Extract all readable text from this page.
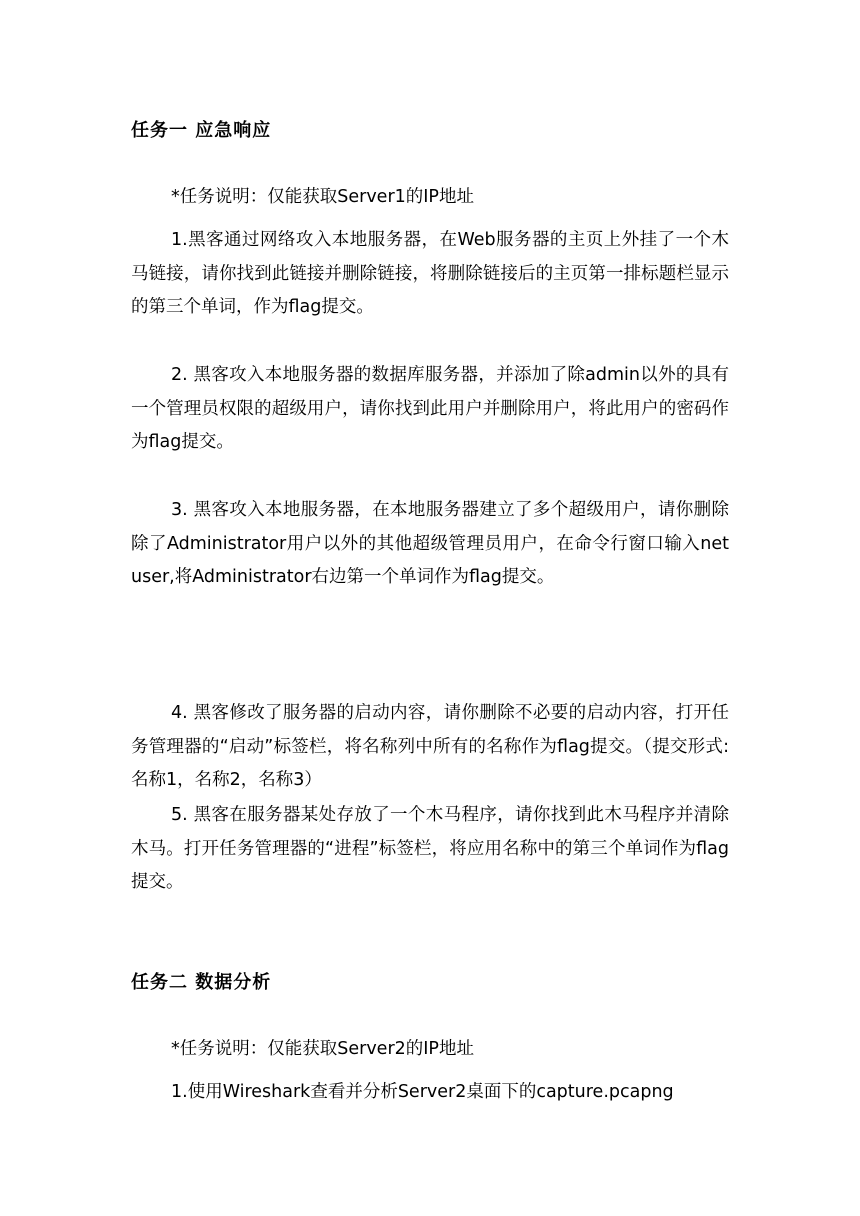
任务一 应急响应
*任务说明：仅能获取Server1的IP地址
1.黑客通过网络攻入本地服务器，在Web服务器的主页上外挂了一个木马链接，请你找到此链接并删除链接，将删除链接后的主页第一排标题栏显示的第三个单词，作为flag提交。
2. 黑客攻入本地服务器的数据库服务器，并添加了除admin以外的具有一个管理员权限的超级用户，请你找到此用户并删除用户，将此用户的密码作为flag提交。
3. 黑客攻入本地服务器，在本地服务器建立了多个超级用户，请你删除除了Administrator用户以外的其他超级管理员用户，在命令行窗口输入net user,将Administrator右边第一个单词作为flag提交。
4. 黑客修改了服务器的启动内容，请你删除不必要的启动内容，打开任务管理器的“启动”标签栏，将名称列中所有的名称作为flag提交。（提交形式:名称1，名称2，名称3）
5. 黑客在服务器某处存放了一个木马程序，请你找到此木马程序并清除木马。打开任务管理器的“进程”标签栏，将应用名称中的第三个单词作为flag提交。
任务二 数据分析
*任务说明：仅能获取Server2的IP地址
1.使用Wireshark查看并分析Server2桌面下的capture.pcapng
